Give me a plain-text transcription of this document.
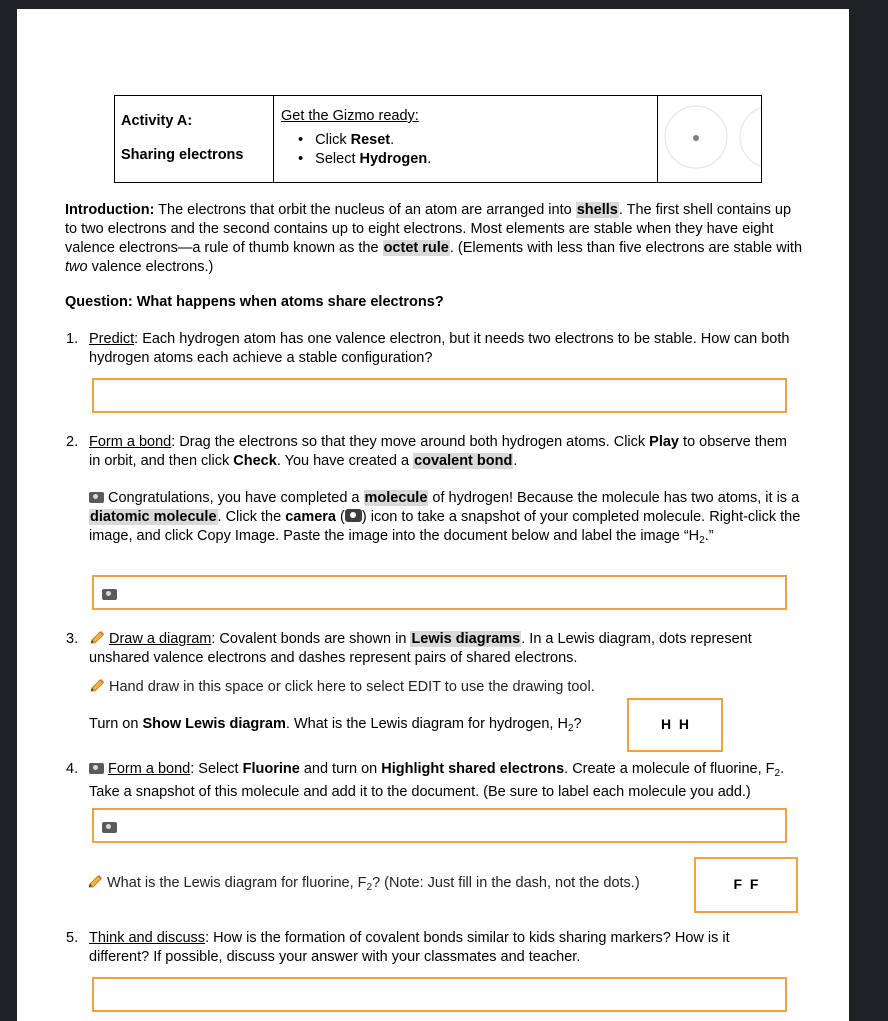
Activity A:
Sharing electrons

Get the Gizmo ready:
•   Click Reset.
•   Select Hydrogen.

Introduction: The electrons that orbit the nucleus of an atom are arranged into shells. The first shell contains up to two electrons and the second contains up to eight electrons. Most elements are stable when they have eight valence electrons—a rule of thumb known as the octet rule. (Elements with less than five electrons are stable with two valence electrons.)
Question: What happens when atoms share electrons?
1. Predict: Each hydrogen atom has one valence electron, but it needs two electrons to be stable. How can both hydrogen atoms each achieve a stable configuration?
2. Form a bond: Drag the electrons so that they move around both hydrogen atoms. Click Play to observe them in orbit, and then click Check. You have created a covalent bond.
Congratulations, you have completed a molecule of hydrogen! Because the molecule has two atoms, it is a diatomic molecule. Click the camera ( ) icon to take a snapshot of your completed molecule. Right-click the image, and click Copy Image. Paste the image into the document below and label the image “$H_2$.”
3.	Draw a diagram: Covalent bonds are shown in Lewis diagrams. In a Lewis diagram, dots represent unshared valence electrons and dashes represent pairs of shared electrons.
Hand draw in this space or click here to select EDIT to use the drawing tool.
Turn on Show Lewis diagram. What is the Lewis diagram for hydrogen, $H_2$?	H  H
4.	Form a bond: Select Fluorine and turn on Highlight shared electrons. Create a molecule of fluorine, $F_2$. Take a snapshot of this molecule and add it to the document. (Be sure to label each molecule you add.)
What is the Lewis diagram for fluorine, $F_2$? (Note: Just fill in the dash, not the dots.)	F  F
5. Think and discuss: How is the formation of covalent bonds similar to kids sharing markers? How is it different? If possible, discuss your answer with your classmates and teacher.
